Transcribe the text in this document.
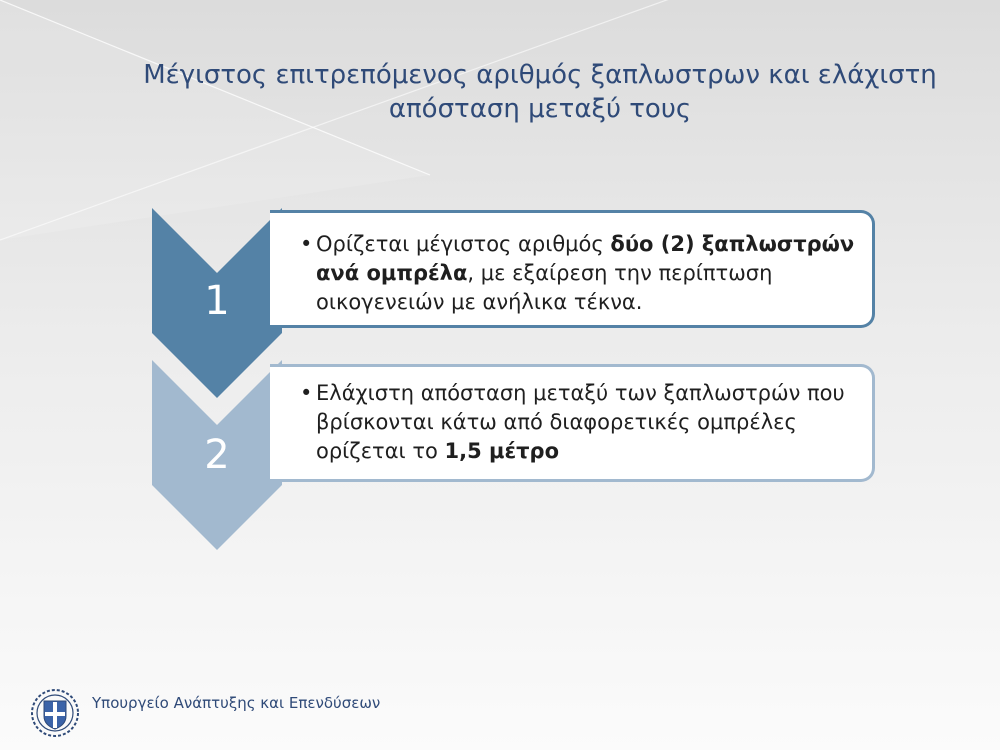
Μέγιστος επιτρεπόμενος αριθμός ξαπλωστρων και ελάχιστη
απόσταση μεταξύ τους
1
• Ορίζεται μέγιστος αριθμός δύο (2) ξαπλωστρών ανά ομπρέλα, με εξαίρεση την περίπτωση οικογενειών με ανήλικα τέκνα.
2
• Ελάχιστη απόσταση μεταξύ των ξαπλωστρών που βρίσκονται κάτω από διαφορετικές ομπρέλες ορίζεται το 1,5 μέτρο
Υπουργείο Ανάπτυξης και Επενδύσεων
